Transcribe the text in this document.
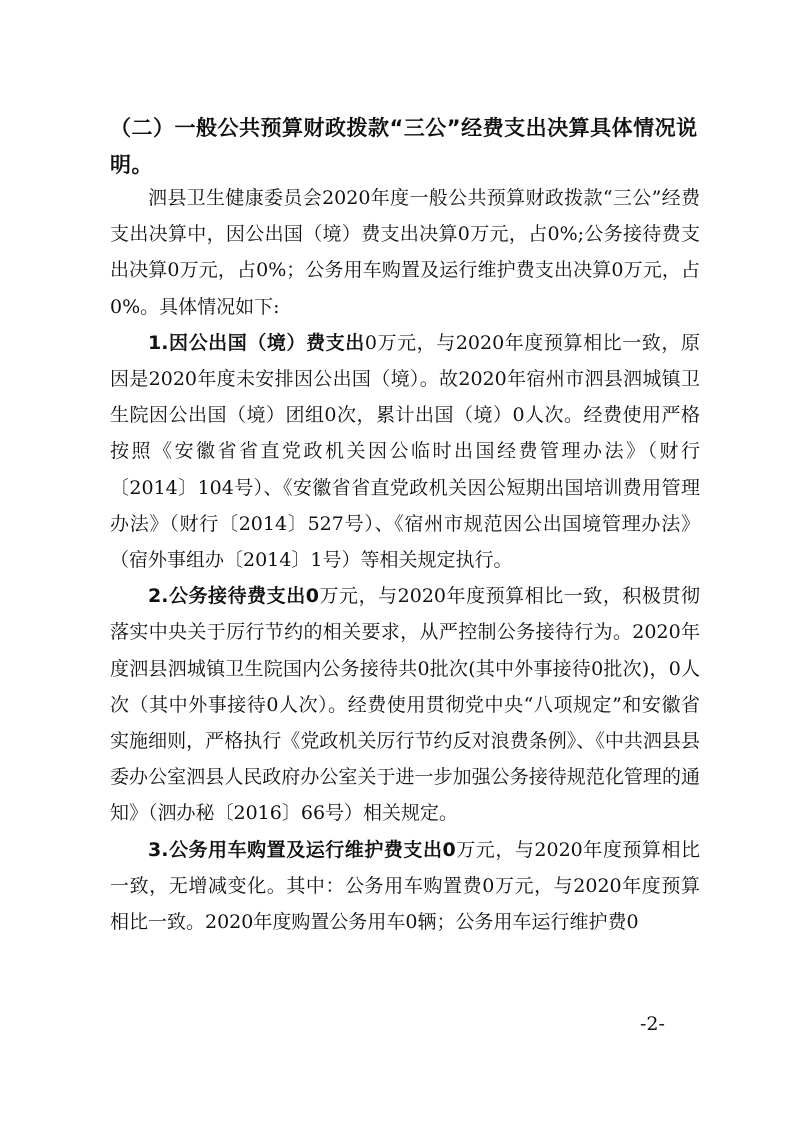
（二）一般公共预算财政拨款“三公”经费支出决算具体情况说明。

泗县卫生健康委员会2020年度一般公共预算财政拨款“三公”经费支出决算中，因公出国（境）费支出决算0万元，占0%;公务接待费支出决算0万元，占0%；公务用车购置及运行维护费支出决算0万元，占0%。具体情况如下:

1.因公出国（境）费支出0万元，与2020年度预算相比一致，原因是2020年度未安排因公出国（境）。故2020年宿州市泗县泗城镇卫生院因公出国（境）团组0次，累计出国（境）0人次。经费使用严格按照《安徽省省直党政机关因公临时出国经费管理办法》（财行〔2014〕104号）、《安徽省省直党政机关因公短期出国培训费用管理办法》（财行〔2014〕527号）、《宿州市规范因公出国境管理办法》（宿外事组办〔2014〕1号）等相关规定执行。

2.公务接待费支出0万元，与2020年度预算相比一致，积极贯彻落实中央关于厉行节约的相关要求，从严控制公务接待行为。2020年度泗县泗城镇卫生院国内公务接待共0批次(其中外事接待0批次)，0人次（其中外事接待0人次）。经费使用贯彻党中央“八项规定”和安徽省实施细则，严格执行《党政机关厉行节约反对浪费条例》、《中共泗县县委办公室泗县人民政府办公室关于进一步加强公务接待规范化管理的通知》（泗办秘〔2016〕66号）相关规定。

3.公务用车购置及运行维护费支出0万元，与2020年度预算相比一致，无增减变化。其中：公务用车购置费0万元，与2020年度预算相比一致。2020年度购置公务用车0辆；公务用车运行维护费0

-2-
